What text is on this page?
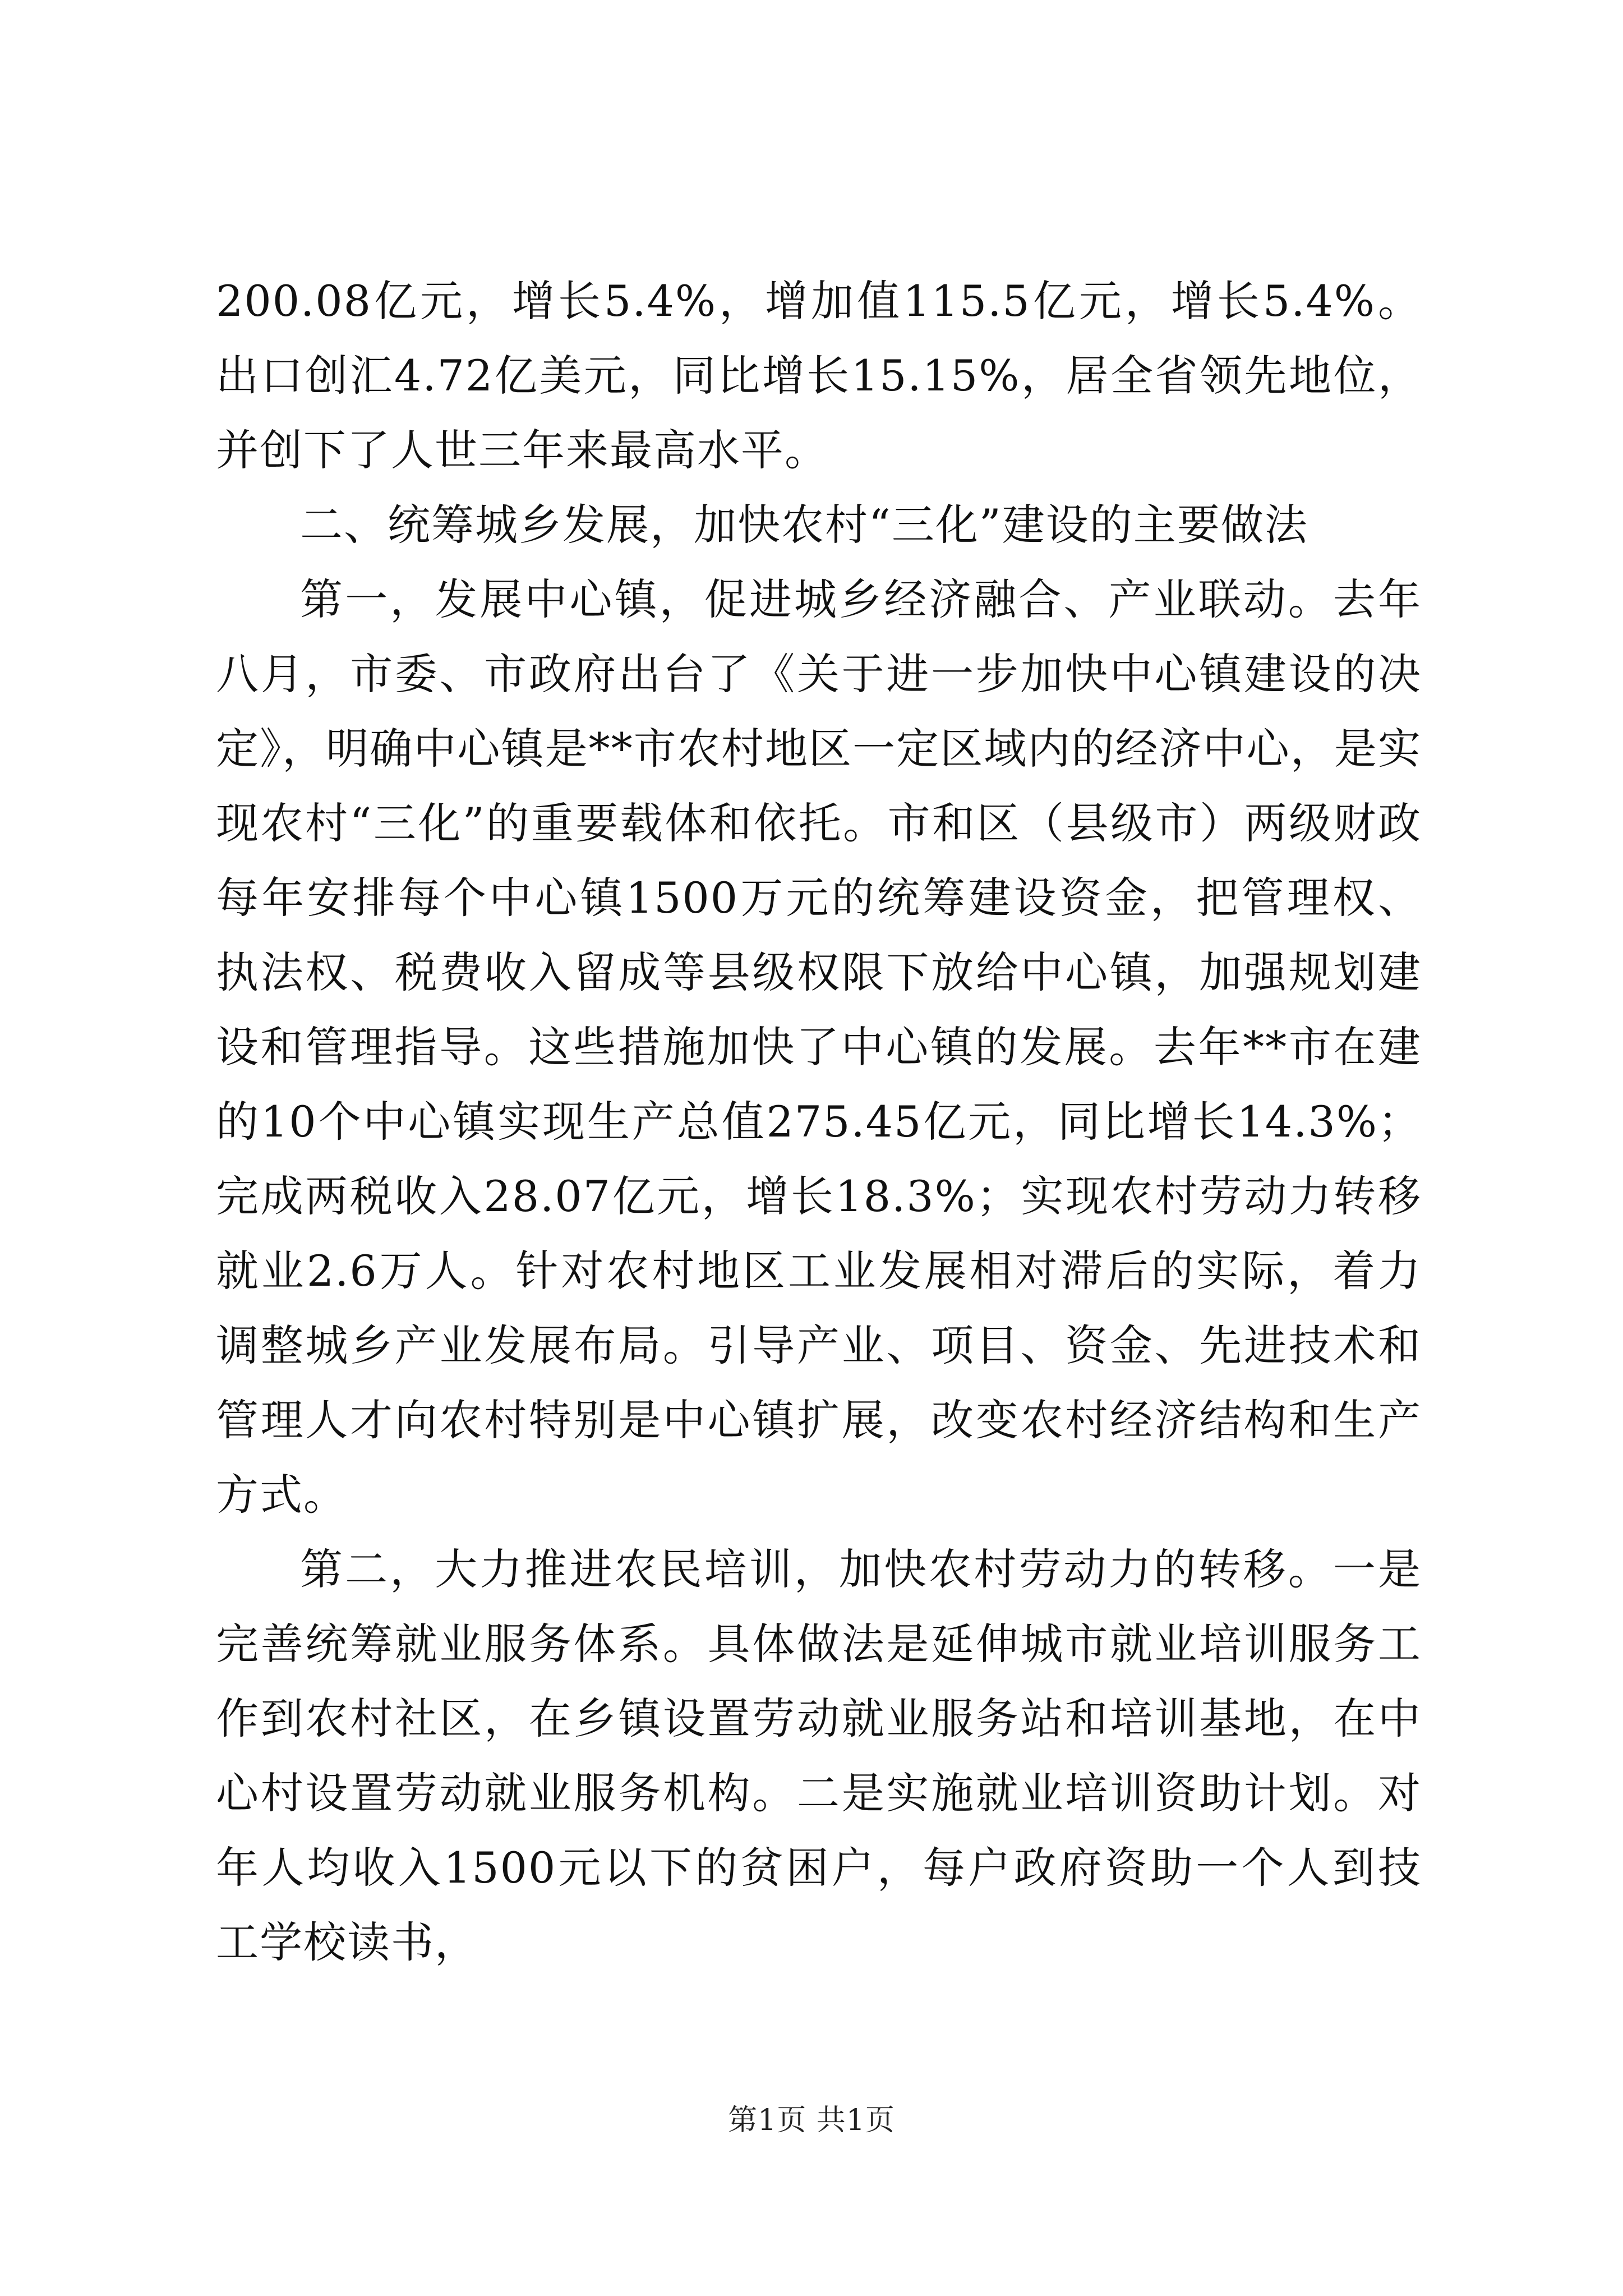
200.08亿元，增长5.4%，增加值115.5亿元，增长5.4%。出口创汇4.72亿美元，同比增长15.15%，居全省领先地位，并创下了人世三年来最高水平。

二、统筹城乡发展，加快农村“三化”建设的主要做法

第一，发展中心镇，促进城乡经济融合、产业联动。去年八月，市委、市政府出台了《关于进一步加快中心镇建设的决定》，明确中心镇是**市农村地区一定区域内的经济中心，是实现农村“三化”的重要载体和依托。市和区（县级市）两级财政每年安排每个中心镇1500万元的统筹建设资金，把管理权、执法权、税费收入留成等县级权限下放给中心镇，加强规划建设和管理指导。这些措施加快了中心镇的发展。去年**市在建的10个中心镇实现生产总值275.45亿元，同比增长14.3%；完成两税收入28.07亿元，增长18.3%；实现农村劳动力转移就业2.6万人。针对农村地区工业发展相对滞后的实际，着力调整城乡产业发展布局。引导产业、项目、资金、先进技术和管理人才向农村特别是中心镇扩展，改变农村经济结构和生产方式。

第二，大力推进农民培训，加快农村劳动力的转移。一是完善统筹就业服务体系。具体做法是延伸城市就业培训服务工作到农村社区，在乡镇设置劳动就业服务站和培训基地，在中心村设置劳动就业服务机构。二是实施就业培训资助计划。对年人均收入1500元以下的贫困户，每户政府资助一个人到技工学校读书，

第1页 共1页
